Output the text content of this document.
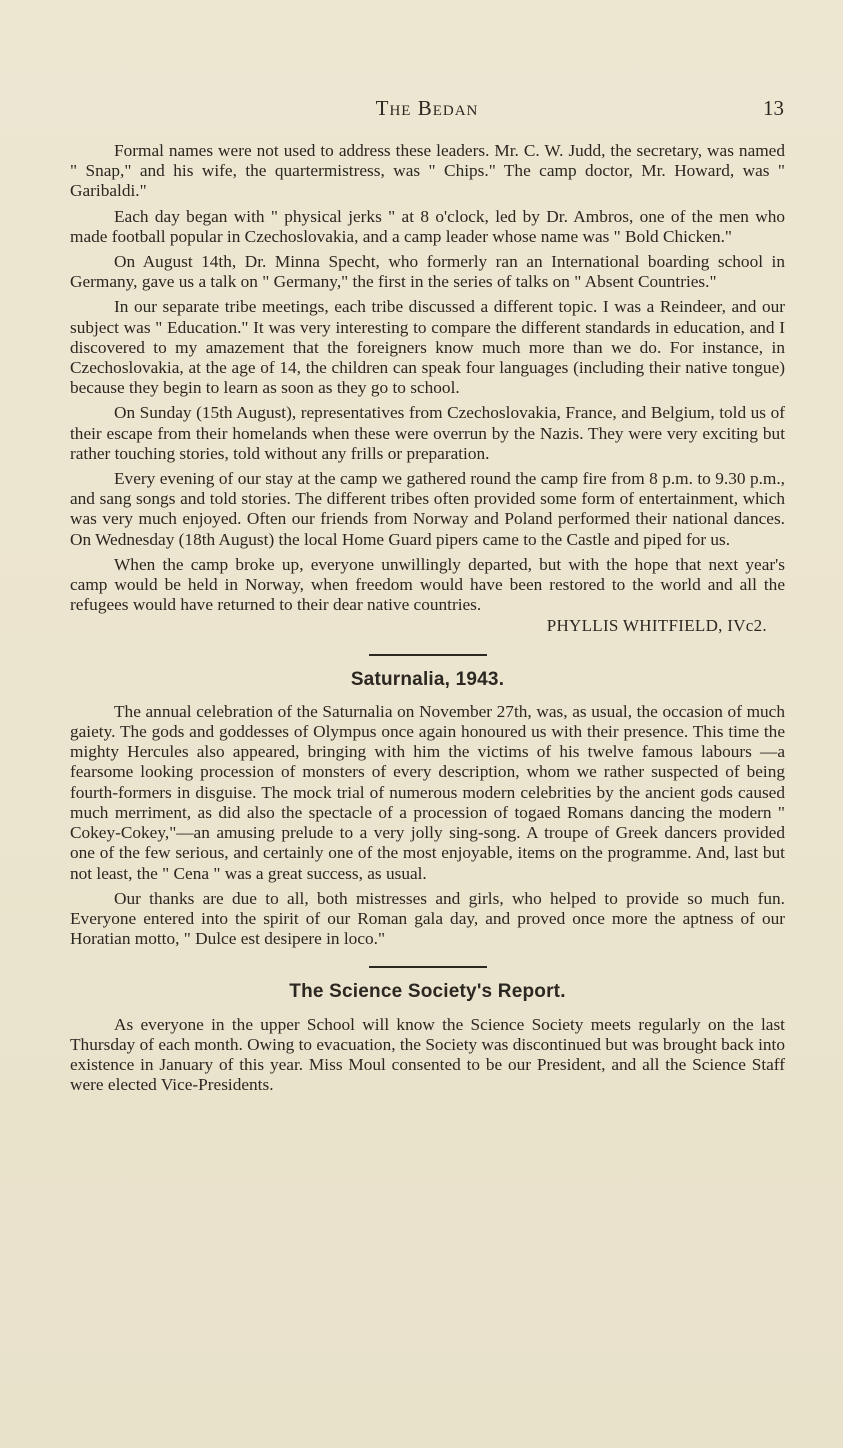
The Bedan	13

Formal names were not used to address these leaders. Mr. C. W. Judd, the secretary, was named " Snap," and his wife, the quartermistress, was " Chips." The camp doctor, Mr. Howard, was " Garibaldi."

Each day began with " physical jerks " at 8 o'clock, led by Dr. Ambros, one of the men who made football popular in Czechoslovakia, and a camp leader whose name was " Bold Chicken."

On August 14th, Dr. Minna Specht, who formerly ran an International boarding school in Germany, gave us a talk on " Germany," the first in the series of talks on " Absent Countries."

In our separate tribe meetings, each tribe discussed a different topic. I was a Reindeer, and our subject was " Education." It was very interesting to compare the different standards in education, and I discovered to my amazement that the foreigners know much more than we do. For instance, in Czechoslovakia, at the age of 14, the children can speak four languages (including their native tongue) because they begin to learn as soon as they go to school.

On Sunday (15th August), representatives from Czechoslovakia, France, and Belgium, told us of their escape from their homelands when these were overrun by the Nazis. They were very exciting but rather touching stories, told without any frills or preparation.

Every evening of our stay at the camp we gathered round the camp fire from 8 p.m. to 9.30 p.m., and sang songs and told stories. The different tribes often provided some form of entertainment, which was very much enjoyed. Often our friends from Norway and Poland performed their national dances. On Wednesday (18th August) the local Home Guard pipers came to the Castle and piped for us.

When the camp broke up, everyone unwillingly departed, but with the hope that next year's camp would be held in Norway, when freedom would have been restored to the world and all the refugees would have returned to their dear native countries.

PHYLLIS WHITFIELD, IVc2.
Saturnalia, 1943.

The annual celebration of the Saturnalia on November 27th, was, as usual, the occasion of much gaiety. The gods and goddesses of Olympus once again honoured us with their presence. This time the mighty Hercules also appeared, bringing with him the victims of his twelve famous labours —a fearsome looking procession of monsters of every description, whom we rather suspected of being fourth-formers in disguise. The mock trial of numerous modern celebrities by the ancient gods caused much merriment, as did also the spectacle of a procession of togaed Romans dancing the modern " Cokey-Cokey,"—an amusing prelude to a very jolly sing-song. A troupe of Greek dancers provided one of the few serious, and certainly one of the most enjoyable, items on the programme. And, last but not least, the " Cena " was a great success, as usual.

Our thanks are due to all, both mistresses and girls, who helped to provide so much fun. Everyone entered into the spirit of our Roman gala day, and proved once more the aptness of our Horatian motto, " Dulce est desipere in loco."

The Science Society's Report.

As everyone in the upper School will know the Science Society meets regularly on the last Thursday of each month. Owing to evacuation, the Society was discontinued but was brought back into existence in January of this year. Miss Moul consented to be our President, and all the Science Staff were elected Vice-Presidents.
